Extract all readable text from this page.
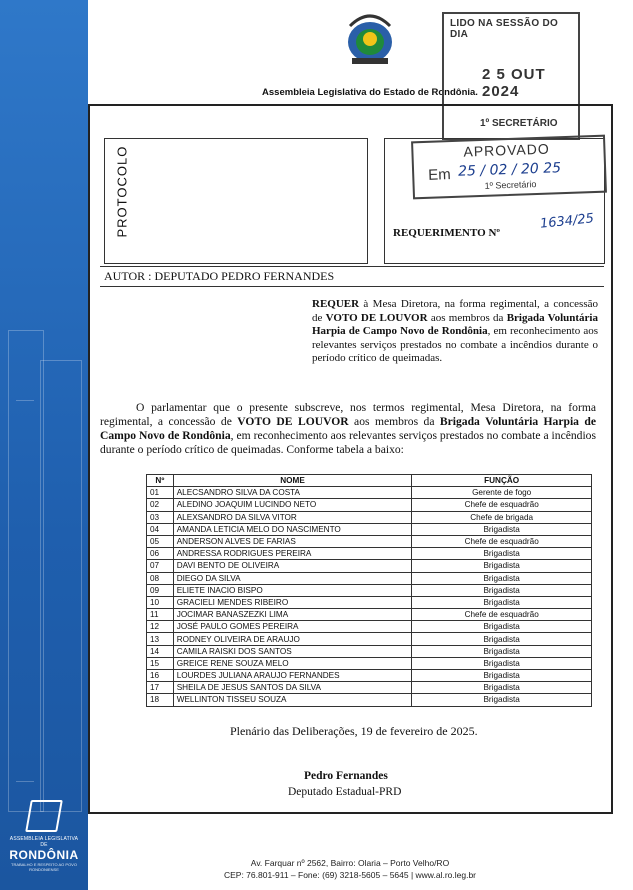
ASSEMBLEIA LEGISLATIVA DE
RONDÔNIA
TRABALHO E RESPEITO AO POVO RONDONIENSE
Assembleia Legislativa do Estado de Rondônia.
LIDO NA SESSÃO DO DIA
2 5 OUT 2024
1º SECRETÁRIO
PROTOCOLO	REQUERIMENTO Nº
APROVADO
Em 25 / 02 / 20 25
1º Secretário
1634/25
AUTOR : DEPUTADO PEDRO FERNANDES
REQUER à Mesa Diretora, na forma regimental, a concessão de VOTO DE LOUVOR aos membros da Brigada Voluntária Harpia de Campo Novo de Rondônia, em reconhecimento aos relevantes serviços prestados no combate a incêndios durante o período crítico de queimadas.
O parlamentar que o presente subscreve, nos termos regimental, Mesa Diretora, na forma regimental, a concessão de VOTO DE LOUVOR aos membros da Brigada Voluntária Harpia de Campo Novo de Rondônia, em reconhecimento aos relevantes serviços prestados no combate a incêndios durante o período crítico de queimadas. Conforme tabela a baixo:
Nº	NOME	FUNÇÃO
01	ALECSANDRO SILVA DA COSTA	Gerente de fogo
02	ALEDINO JOAQUIM LUCINDO NETO	Chefe de esquadrão
03	ALEXSANDRO DA SILVA VITOR	Chefe de brigada
04	AMANDA LETICIA MELO DO NASCIMENTO	Brigadista
05	ANDERSON ALVES DE FARIAS	Chefe de esquadrão
06	ANDRESSA RODRIGUES PEREIRA	Brigadista
07	DAVI BENTO DE OLIVEIRA	Brigadista
08	DIEGO DA SILVA	Brigadista
09	ELIETE INACIO BISPO	Brigadista
10	GRACIELI MENDES RIBEIRO	Brigadista
11	JOCIMAR BANASZEZKI LIMA	Chefe de esquadrão
12	JOSÉ PAULO GOMES PEREIRA	Brigadista
13	RODNEY OLIVEIRA DE ARAUJO	Brigadista
14	CAMILA RAISKI DOS SANTOS	Brigadista
15	GREICE RENE SOUZA MELO	Brigadista
16	LOURDES JULIANA ARAUJO FERNANDES	Brigadista
17	SHEILA DE JESUS SANTOS DA SILVA	Brigadista
18	WELLINTON TISSEU SOUZA	Brigadista
Plenário das Deliberações, 19 de fevereiro de 2025.
Pedro Fernandes
Deputado Estadual-PRD
Av. Farquar nº 2562, Bairro: Olaria – Porto Velho/RO
CEP: 76.801-911 – Fone: (69) 3218-5605 – 5645 | www.al.ro.leg.br
